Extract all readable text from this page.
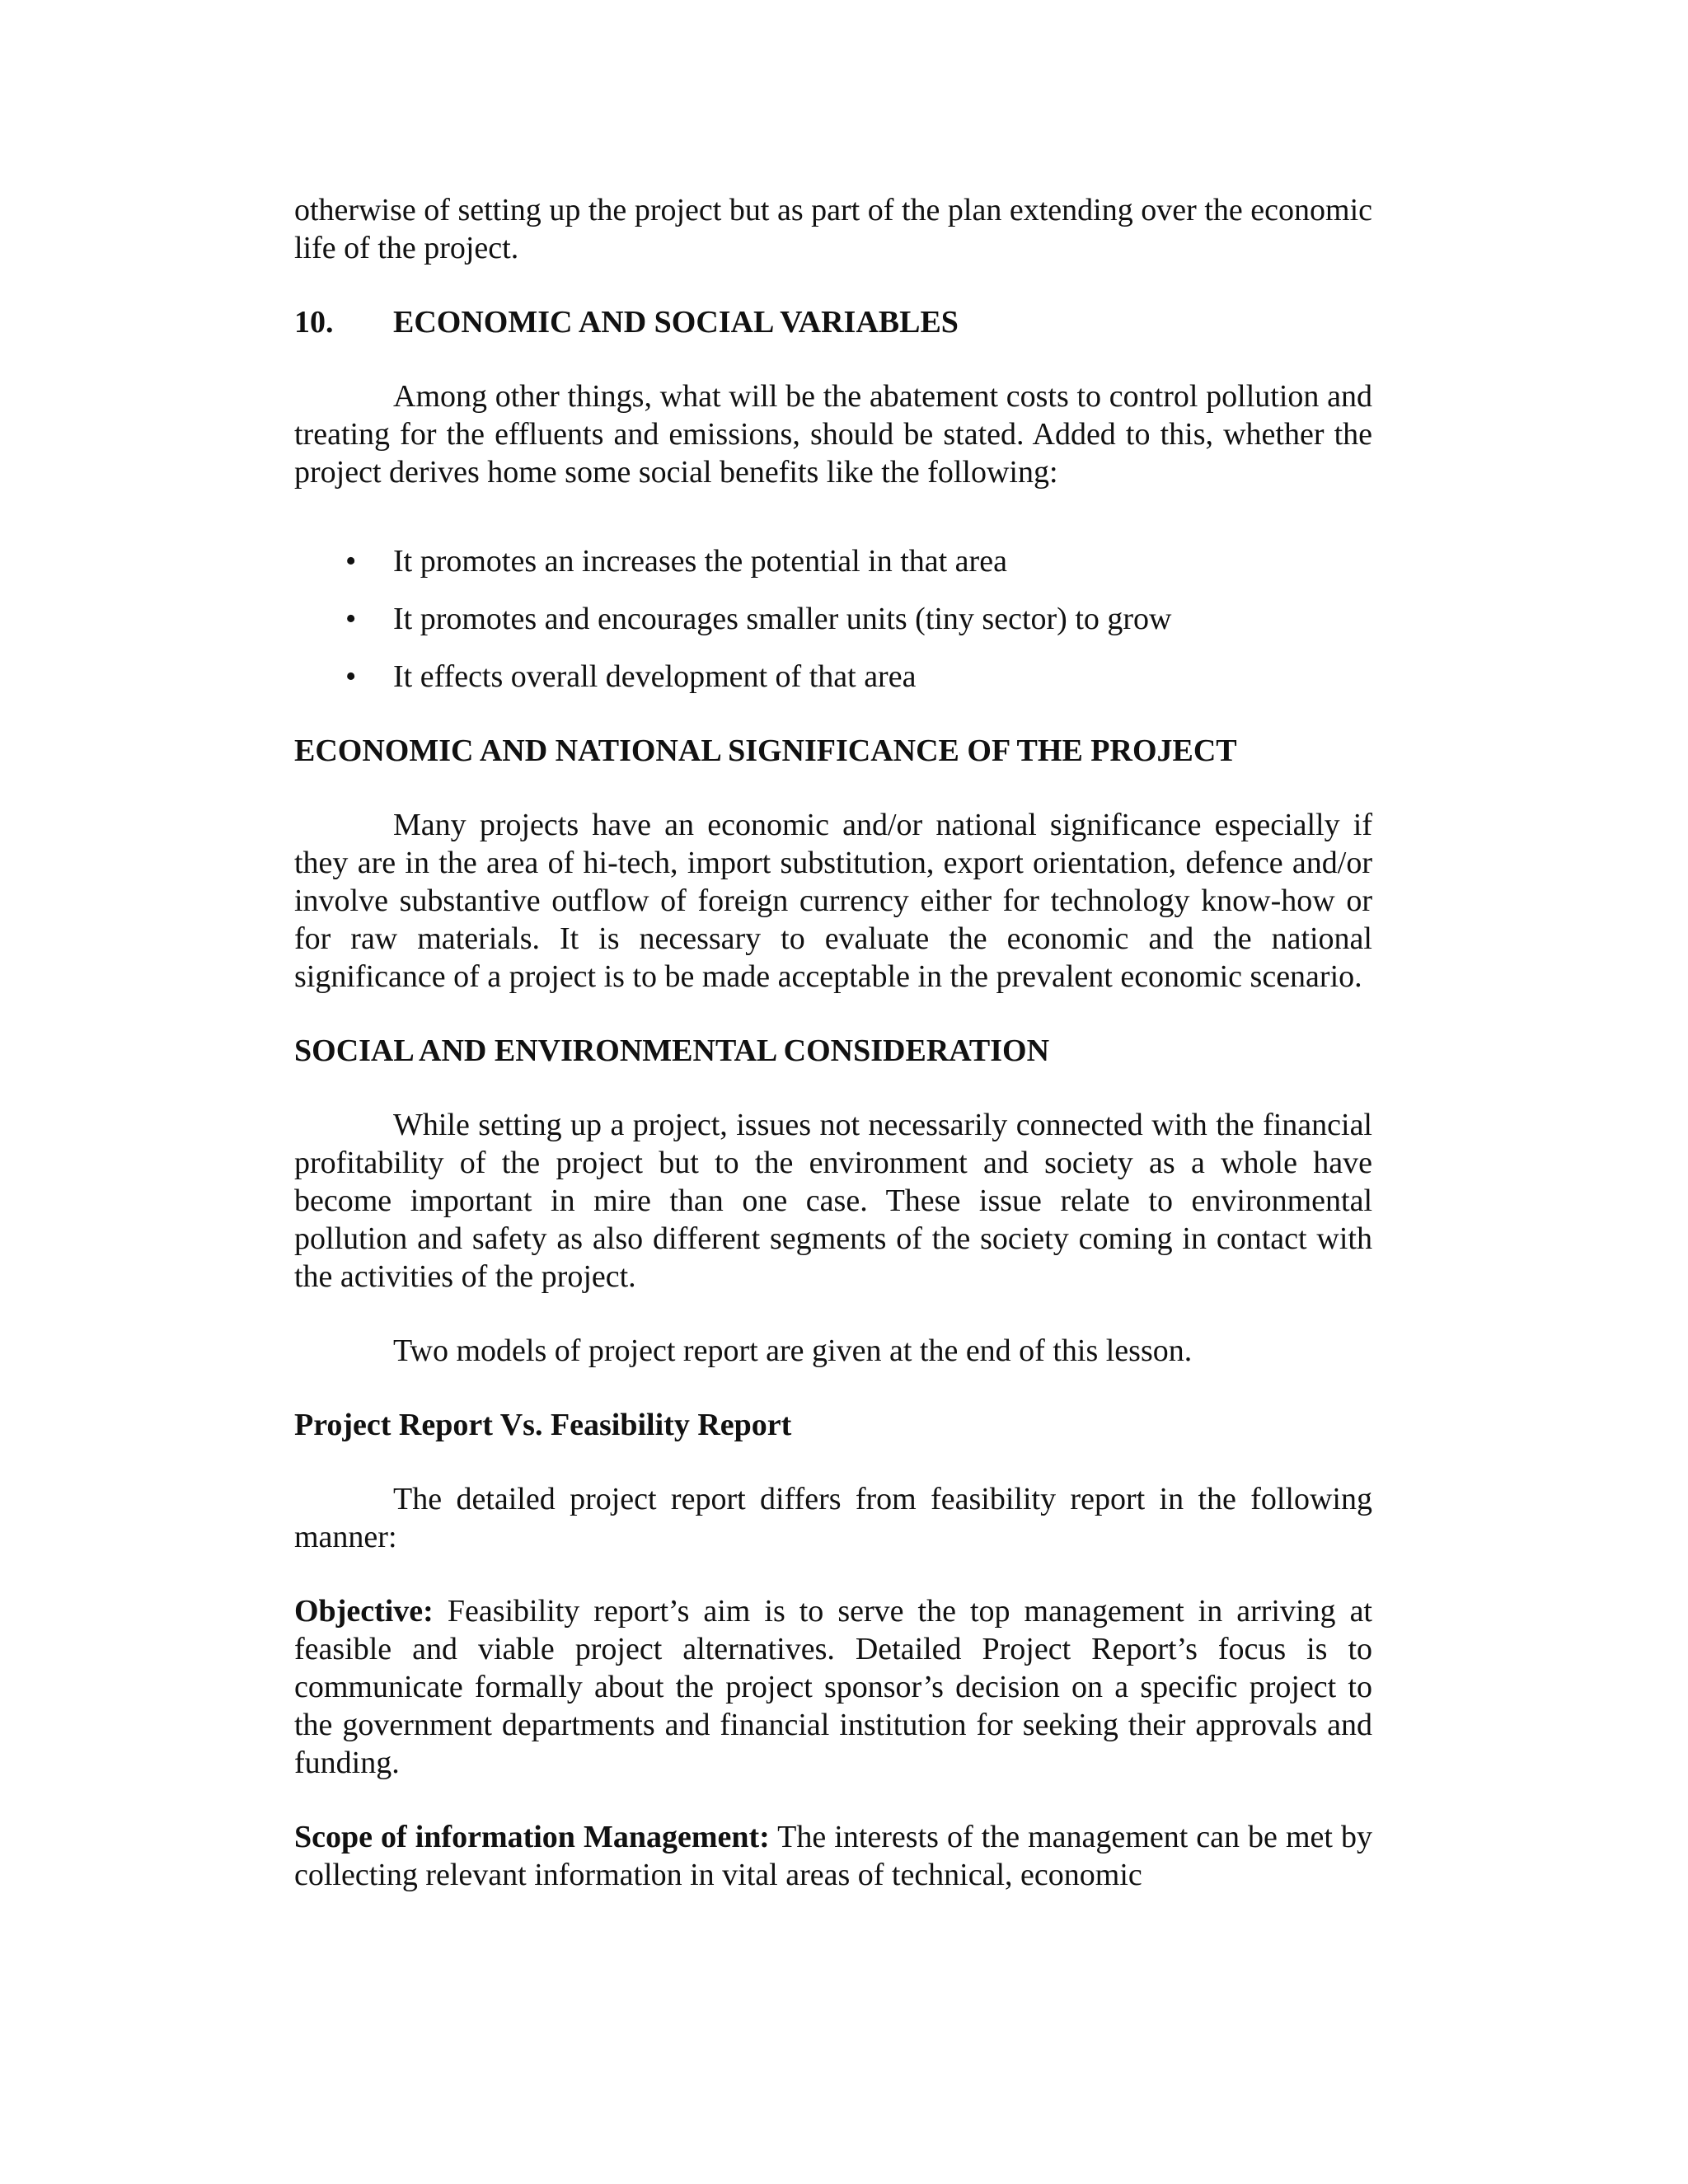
otherwise of setting up the project but as part of the plan extending over the economic life of the project.

10.	ECONOMIC AND SOCIAL VARIABLES

Among other things, what will be the abatement costs to control pollution and treating for the effluents and emissions, should be stated. Added to this, whether the project derives home some social benefits like the following:

• It promotes an increases the potential in that area
• It promotes and encourages smaller units (tiny sector) to grow
• It effects overall development of that area

ECONOMIC AND NATIONAL SIGNIFICANCE OF THE PROJECT

Many projects have an economic and/or national significance especially if they are in the area of hi-tech, import substitution, export orientation, defence and/or involve substantive outflow of foreign currency either for technology know-how or for raw materials. It is necessary to evaluate the economic and the national significance of a project is to be made acceptable in the prevalent economic scenario.

SOCIAL AND ENVIRONMENTAL CONSIDERATION

While setting up a project, issues not necessarily connected with the financial profitability of the project but to the environment and society as a whole have become important in mire than one case. These issue relate to environmental pollution and safety as also different segments of the society coming in contact with the activities of the project.

Two models of project report are given at the end of this lesson.

Project Report Vs. Feasibility Report

The detailed project report differs from feasibility report in the following manner:

Objective: Feasibility report’s aim is to serve the top management in arriving at feasible and viable project alternatives. Detailed Project Report’s focus is to communicate formally about the project sponsor’s decision on a specific project to the government departments and financial institution for seeking their approvals and funding.

Scope of information Management: The interests of the management can be met by collecting relevant information in vital areas of technical, economic
